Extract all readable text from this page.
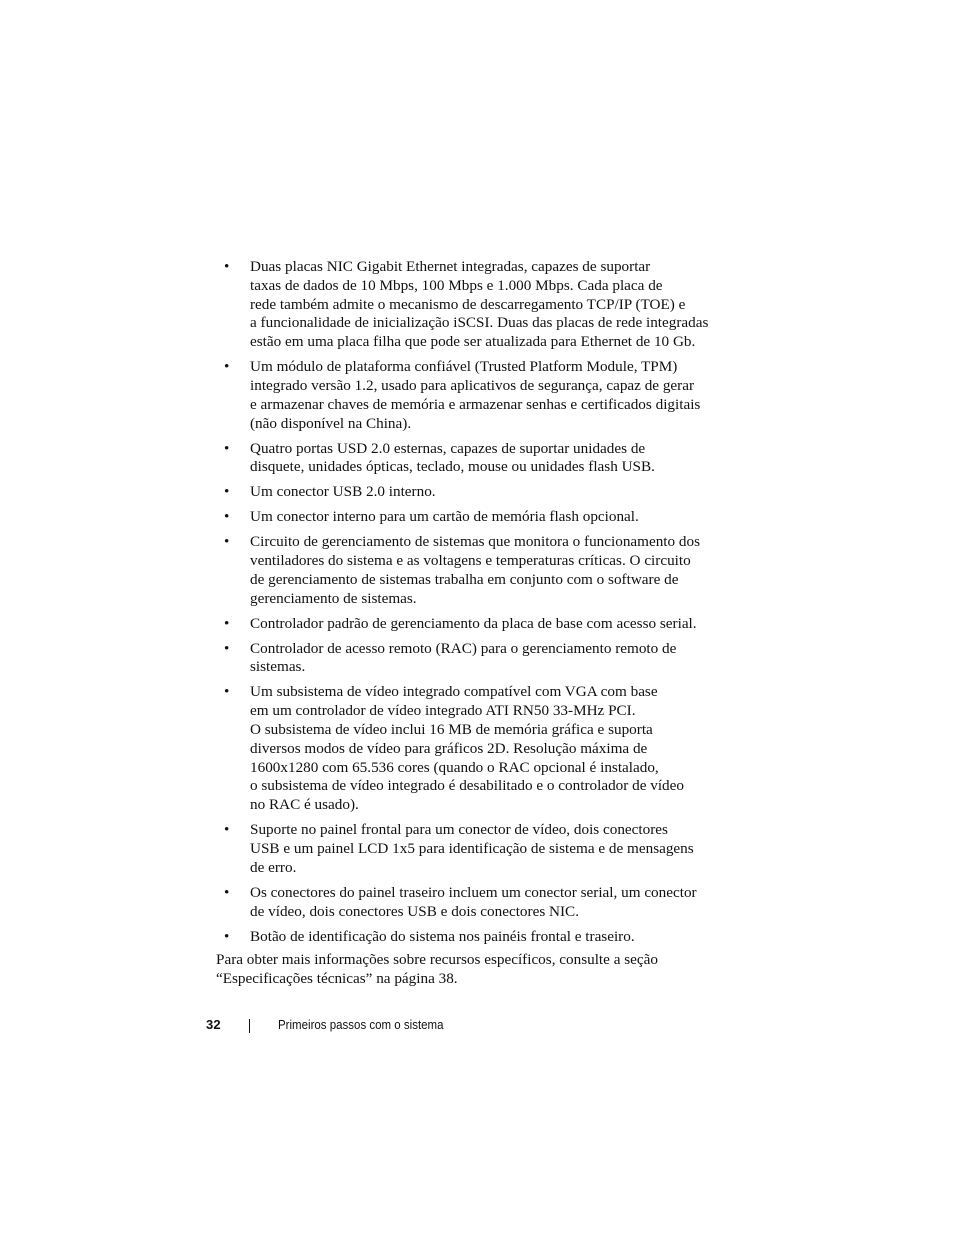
• Duas placas NIC Gigabit Ethernet integradas, capazes de suportar
taxas de dados de 10 Mbps, 100 Mbps e 1.000 Mbps. Cada placa de
rede também admite o mecanismo de descarregamento TCP/IP (TOE) e
a funcionalidade de inicialização iSCSI. Duas das placas de rede integradas
estão em uma placa filha que pode ser atualizada para Ethernet de 10 Gb.
• Um módulo de plataforma confiável (Trusted Platform Module, TPM)
integrado versão 1.2, usado para aplicativos de segurança, capaz de gerar
e armazenar chaves de memória e armazenar senhas e certificados digitais
(não disponível na China).
• Quatro portas USD 2.0 esternas, capazes de suportar unidades de
disquete, unidades ópticas, teclado, mouse ou unidades flash USB.
• Um conector USB 2.0 interno.
• Um conector interno para um cartão de memória flash opcional.
• Circuito de gerenciamento de sistemas que monitora o funcionamento dos
ventiladores do sistema e as voltagens e temperaturas críticas. O circuito
de gerenciamento de sistemas trabalha em conjunto com o software de
gerenciamento de sistemas.
• Controlador padrão de gerenciamento da placa de base com acesso serial.
• Controlador de acesso remoto (RAC) para o gerenciamento remoto de
sistemas.
• Um subsistema de vídeo integrado compatível com VGA com base
em um controlador de vídeo integrado ATI RN50 33-MHz PCI.
O subsistema de vídeo inclui 16 MB de memória gráfica e suporta
diversos modos de vídeo para gráficos 2D. Resolução máxima de
1600x1280 com 65.536 cores (quando o RAC opcional é instalado,
o subsistema de vídeo integrado é desabilitado e o controlador de vídeo
no RAC é usado).
• Suporte no painel frontal para um conector de vídeo, dois conectores
USB e um painel LCD 1x5 para identificação de sistema e de mensagens
de erro.
• Os conectores do painel traseiro incluem um conector serial, um conector
de vídeo, dois conectores USB e dois conectores NIC.
• Botão de identificação do sistema nos painéis frontal e traseiro.

Para obter mais informações sobre recursos específicos, consulte a seção
“Especificações técnicas” na página 38.

32	Primeiros passos com o sistema
